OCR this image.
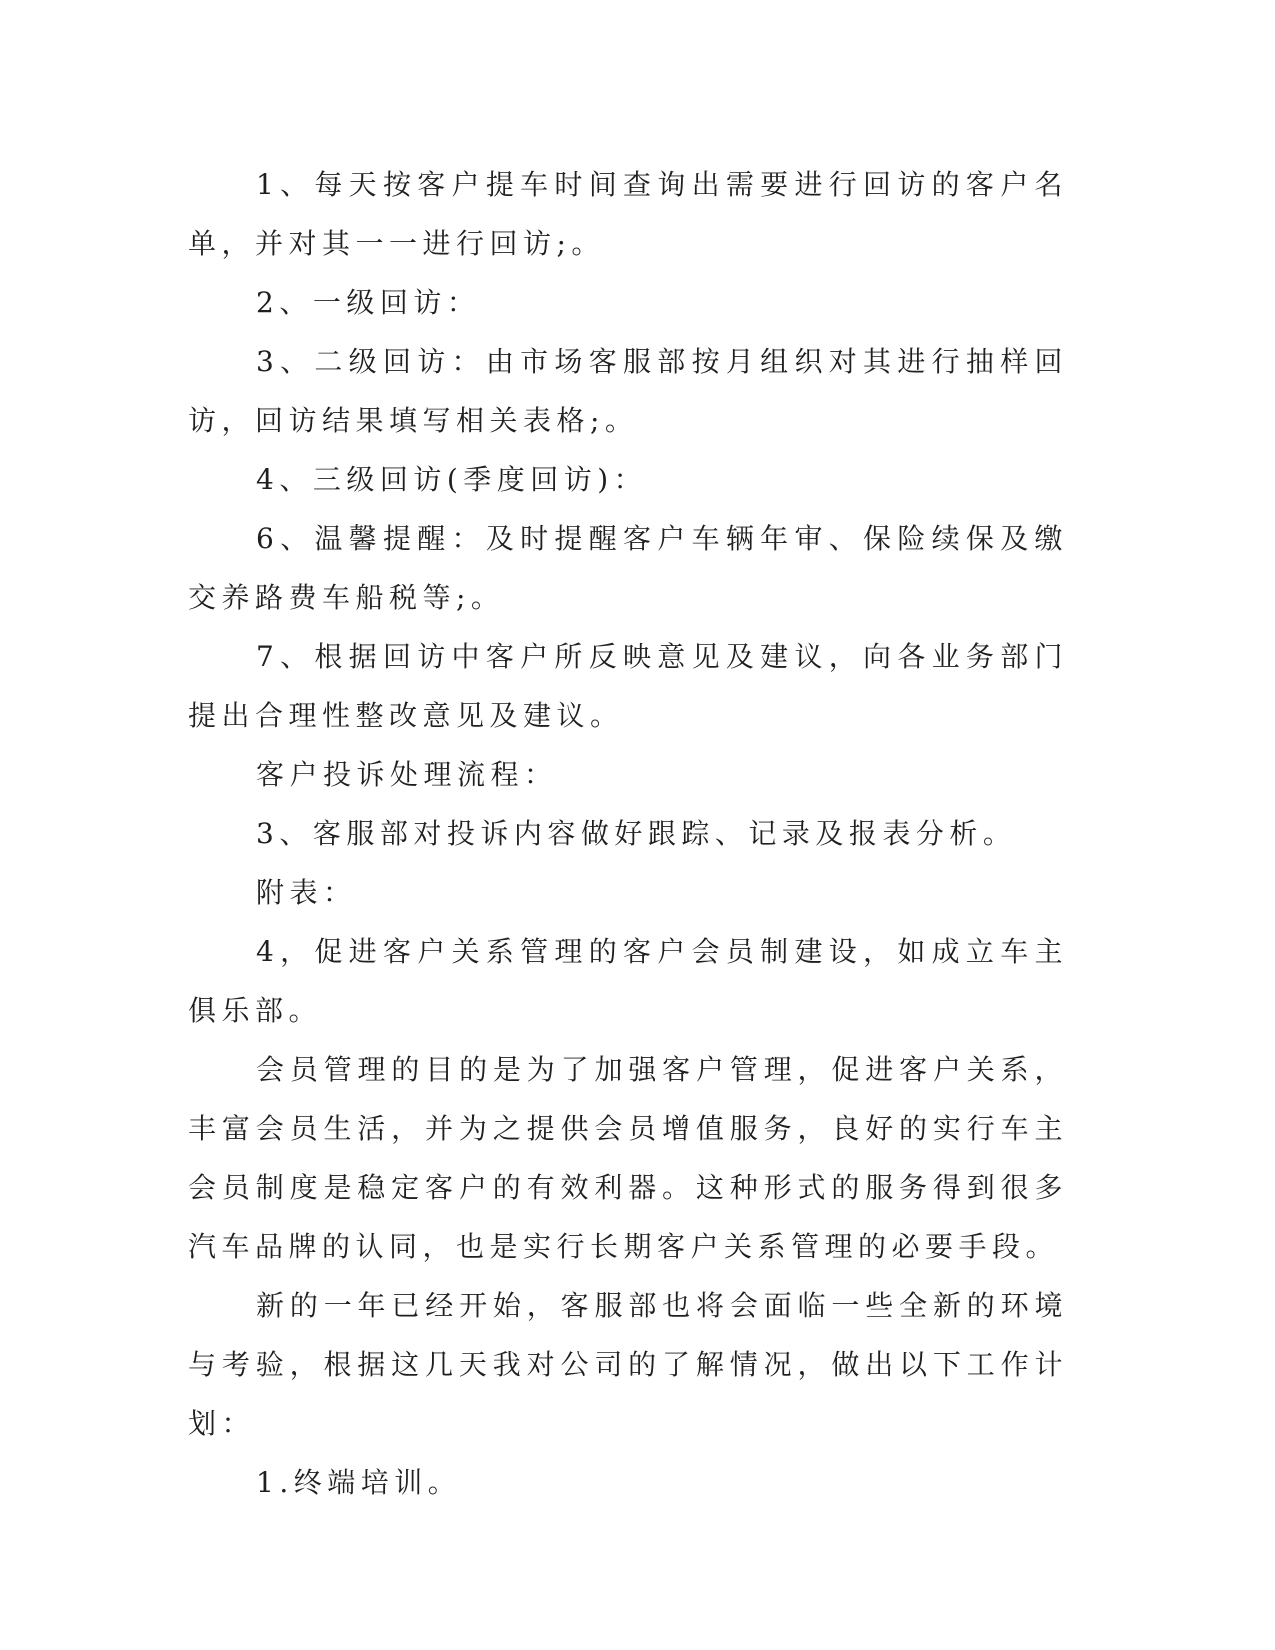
1、每天按客户提车时间查询出需要进行回访的客户名单，并对其一一进行回访;。

2、一级回访：

3、二级回访：由市场客服部按月组织对其进行抽样回访，回访结果填写相关表格;。

4、三级回访(季度回访)：

6、温馨提醒：及时提醒客户车辆年审、保险续保及缴交养路费车船税等;。

7、根据回访中客户所反映意见及建议，向各业务部门提出合理性整改意见及建议。

客户投诉处理流程：

3、客服部对投诉内容做好跟踪、记录及报表分析。

附表：

4，促进客户关系管理的客户会员制建设，如成立车主俱乐部。

会员管理的目的是为了加强客户管理，促进客户关系，丰富会员生活，并为之提供会员增值服务，良好的实行车主会员制度是稳定客户的有效利器。这种形式的服务得到很多汽车品牌的认同，也是实行长期客户关系管理的必要手段。

新的一年已经开始，客服部也将会面临一些全新的环境与考验，根据这几天我对公司的了解情况，做出以下工作计划：

1.终端培训。
